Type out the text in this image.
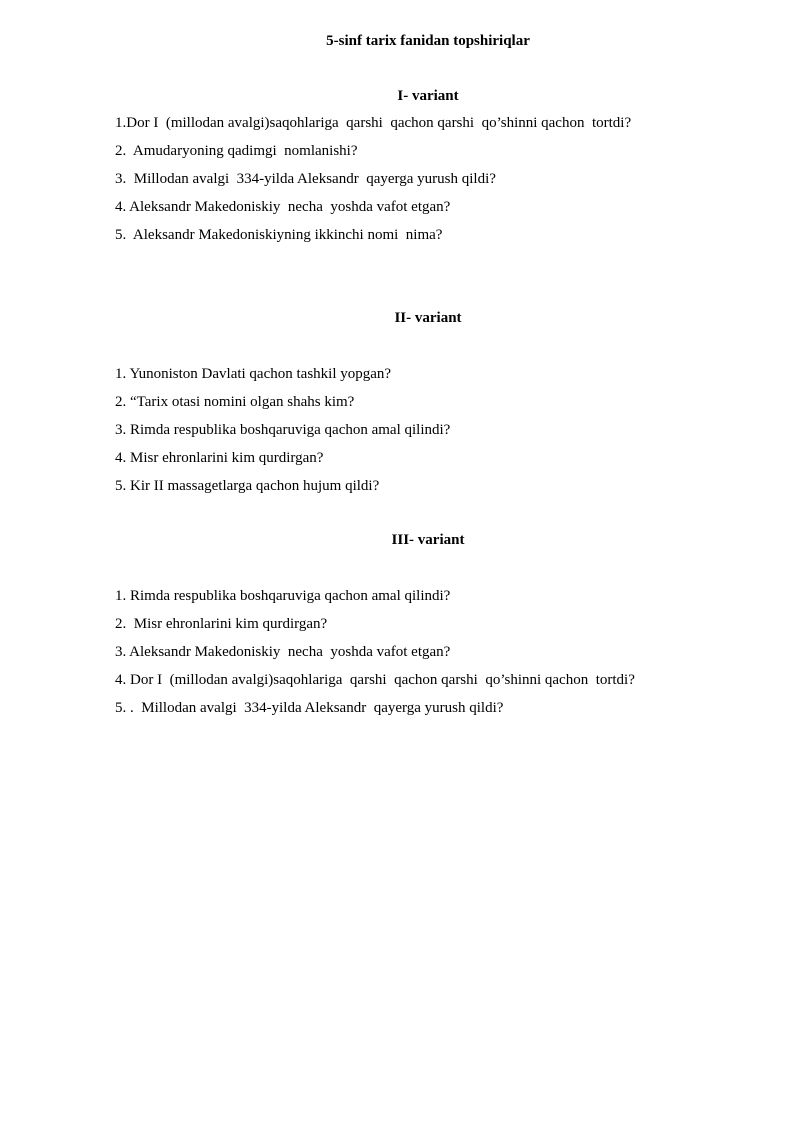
5-sinf tarix fanidan topshiriqlar
I- variant
1.Dor I  (millodan avalgi)saqohlariga  qarshi  qachon qarshi  qo’shinni qachon  tortdi?
2.  Amudaryoning qadimgi  nomlanishi?
3.  Millodan avalgi  334-yilda Aleksandr  qayerga yurush qildi?
4. Aleksandr Makedoniskiy  necha  yoshda vafot etgan?
5.  Aleksandr Makedoniskiyning ikkinchi nomi  nima?
II- variant
1. Yunoniston Davlati qachon tashkil yopgan?
2. “Tarix otasi nomini olgan shahs kim?
3. Rimda respublika boshqaruviga qachon amal qilindi?
4. Misr ehronlarini kim qurdirgan?
5. Kir II massagetlarga qachon hujum qildi?
III- variant
1. Rimda respublika boshqaruviga qachon amal qilindi?
2.  Misr ehronlarini kim qurdirgan?
3. Aleksandr Makedoniskiy  necha  yoshda vafot etgan?
4. Dor I  (millodan avalgi)saqohlariga  qarshi  qachon qarshi  qo’shinni qachon  tortdi?
5. .  Millodan avalgi  334-yilda Aleksandr  qayerga yurush qildi?
